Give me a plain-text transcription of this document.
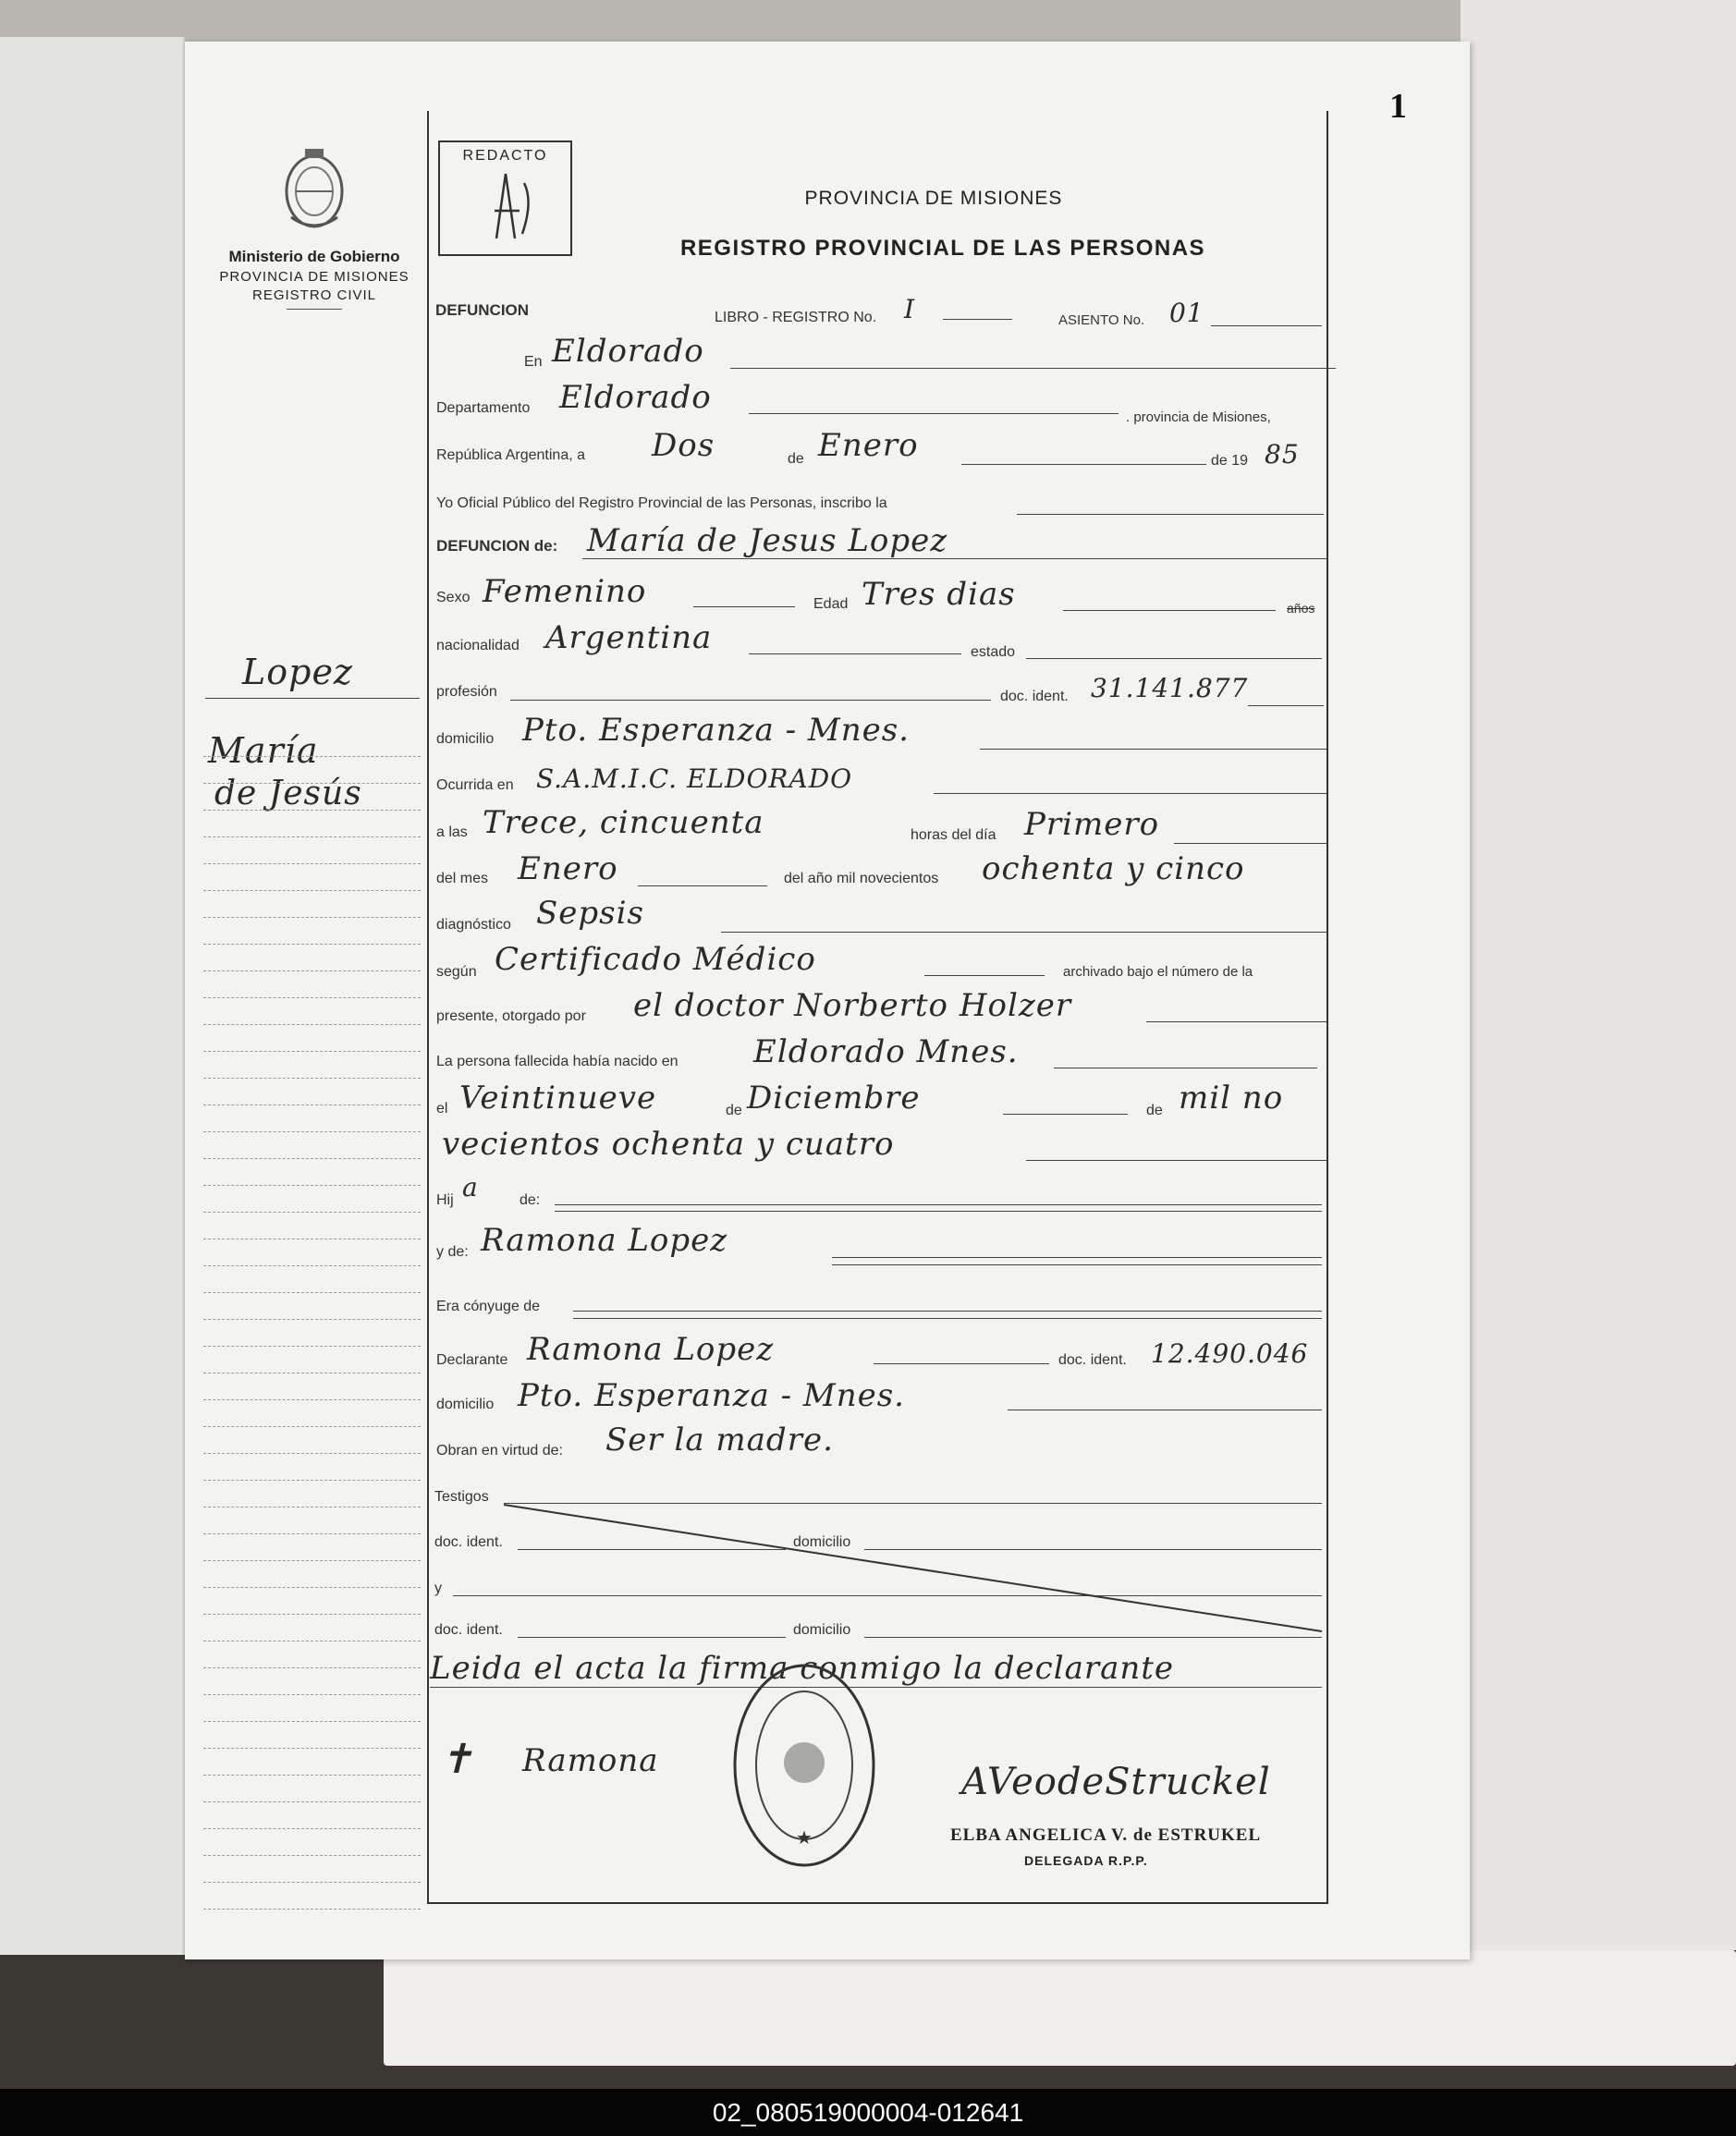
1
Ministerio de Gobierno
PROVINCIA DE MISIONES
REGISTRO CIVIL
Lopez
María
de Jesús
REDACTO
DEFUNCION
PROVINCIA DE MISIONES
REGISTRO PROVINCIAL DE LAS PERSONAS
LIBRO - REGISTRO No. I	ASIENTO No. 01
En Eldorado
Departamento Eldorado
. provincia de Misiones,
República Argentina, a Dos	de Enero	de 19 85
Yo Oficial Público del Registro Provincial de las Personas, inscribo la
DEFUNCION de: María de Jesus Lopez
Sexo Femenino	Edad Tres dias	años
nacionalidad Argentina	estado
profesión	doc. ident. 31.141.877
domicilio Pto. Esperanza - Mnes.
Ocurrida en S.A.M.I.C. ELDORADO
a las Trece, cincuenta	horas del día Primero
del mes Enero	del año mil novecientos ochenta y cinco
diagnóstico Sepsis
según Certificado Médico	archivado bajo el número de la
presente, otorgado por el doctor Norberto Holzer
La persona fallecida había nacido en Eldorado Mnes.
el Veintinueve	de Diciembre	de mil no
vecientos ochenta y cuatro
Hij a	de:
y de: Ramona Lopez
Era cónyuge de
Declarante Ramona Lopez	doc. ident. 12.490.046
domicilio Pto. Esperanza - Mnes.
Obran en virtud de: Ser la madre.
Testigos
doc. ident.	domicilio
y
doc. ident.	domicilio
Leida el acta la firma conmigo la declarante
✝ Ramona	AVeodeStruckel
★	ELBA ANGELICA V. de ESTRUKEL
DELEGADA R.P.P.
02_080519000004-012641
